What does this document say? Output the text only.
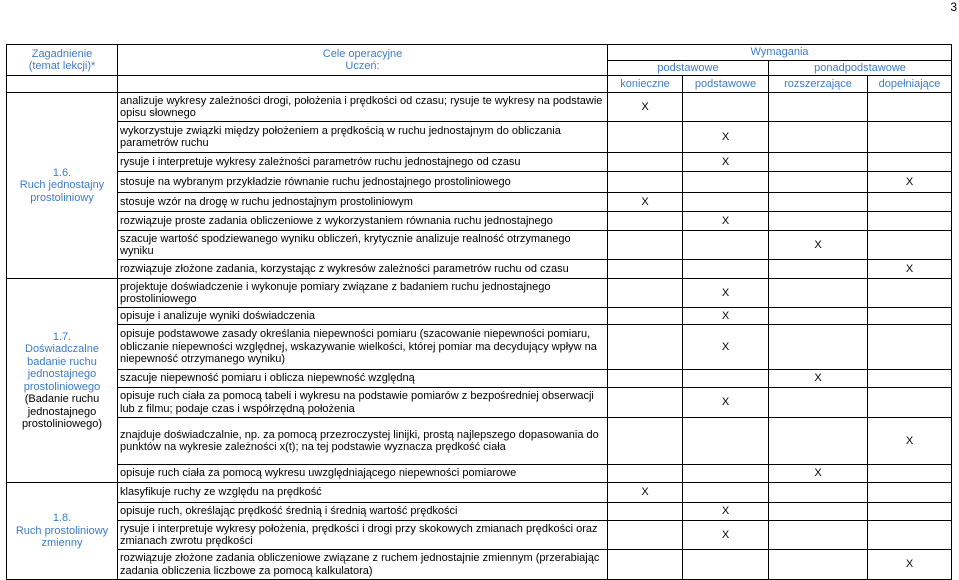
3
Zagadnienie
(temat lekcji)*	Cele operacyjne
Uczeń:	Wymagania			
		podstawowe		ponadpodstawowe	
		konieczne	podstawowe	rozszerzające	dopełniające

1.6.
Ruch jednostajny prostoliniowy	analizuje wykresy zależności drogi, położenia i prędkości od czasu; rysuje te wykresy na podstawie opisu słownego	X			
	wykorzystuje związki między położeniem a prędkością w ruchu jednostajnym do obliczania parametrów ruchu		X		
	rysuje i interpretuje wykresy zależności parametrów ruchu jednostajnego od czasu		X		
	stosuje na wybranym przykładzie równanie ruchu jednostajnego prostoliniowego				X
	stosuje wzór na drogę w ruchu jednostajnym prostoliniowym	X			
	rozwiązuje proste zadania obliczeniowe z wykorzystaniem równania ruchu jednostajnego		X		
	szacuje wartość spodziewanego wyniku obliczeń, krytycznie analizuje realność otrzymanego wyniku			X	
	rozwiązuje złożone zadania, korzystając z wykresów zależności parametrów ruchu od czasu				X

1.7.
Doświadczalne badanie ruchu jednostajnego prostoliniowego
(Badanie ruchu jednostajnego prostoliniowego)	projektuje doświadczenie i wykonuje pomiary związane z badaniem ruchu jednostajnego prostoliniowego		X		
	opisuje i analizuje wyniki doświadczenia		X		
	opisuje podstawowe zasady określania niepewności pomiaru (szacowanie niepewności pomiaru, obliczanie niepewności względnej, wskazywanie wielkości, której pomiar ma decydujący wpływ na niepewność otrzymanego wyniku)		X		
	szacuje niepewność pomiaru i oblicza niepewność względną			X	
	opisuje ruch ciała za pomocą tabeli i wykresu na podstawie pomiarów z bezpośredniej obserwacji lub z filmu; podaje czas i współrzędną położenia		X		
	znajduje doświadczalnie, np. za pomocą przezroczystej linijki, prostą najlepszego dopasowania do punktów na wykresie zależności x(t); na tej podstawie wyznacza prędkość ciała				X
	opisuje ruch ciała za pomocą wykresu uwzględniającego niepewności pomiarowe			X	

1.8.
Ruch prostoliniowy zmienny	klasyfikuje ruchy ze względu na prędkość	X			
	opisuje ruch, określając prędkość średnią i średnią wartość prędkości		X		
	rysuje i interpretuje wykresy położenia, prędkości i drogi przy skokowych zmianach prędkości oraz zmianach zwrotu prędkości		X		
	rozwiązuje złożone zadania obliczeniowe związane z ruchem jednostajnie zmiennym (przerabiając zadania obliczenia liczbowe za pomocą kalkulatora)				X
